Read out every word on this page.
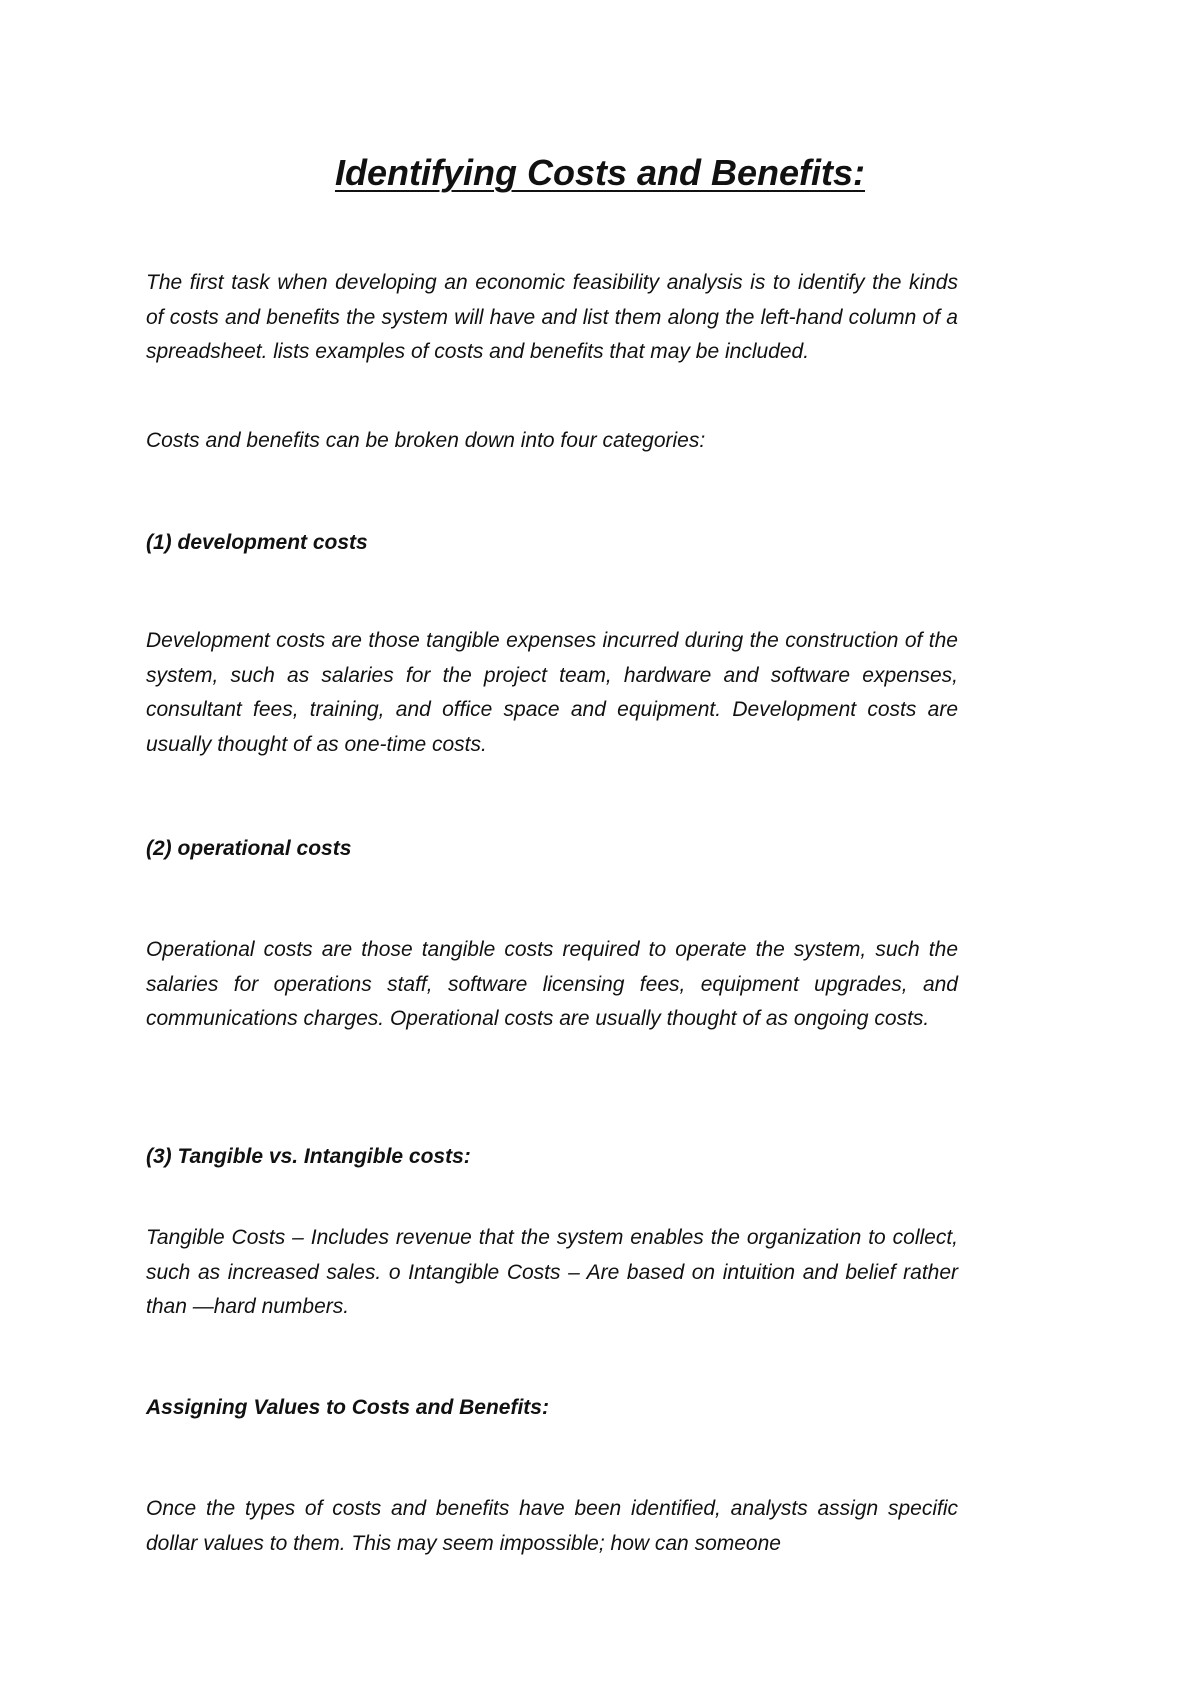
Identifying Costs and Benefits:

The first task when developing an economic feasibility analysis is to identify the kinds of costs and benefits the system will have and list them along the left-hand column of a spreadsheet. lists examples of costs and benefits that may be included.

Costs and benefits can be broken down into four categories:

(1) development costs

Development costs are those tangible expenses incurred during the construction of the system, such as salaries for the project team, hardware and software expenses, consultant fees, training, and office space and equipment. Development costs are usually thought of as one-time costs.

(2) operational costs

Operational costs are those tangible costs required to operate the system, such the salaries for operations staff, software licensing fees, equipment upgrades, and communications charges. Operational costs are usually thought of as ongoing costs.

(3) Tangible vs. Intangible costs:

Tangible Costs – Includes revenue that the system enables the organization to collect, such as increased sales. o Intangible Costs – Are based on intuition and belief rather than ―hard numbers.

Assigning Values to Costs and Benefits:

Once the types of costs and benefits have been identified, analysts assign specific dollar values to them. This may seem impossible; how can someone
